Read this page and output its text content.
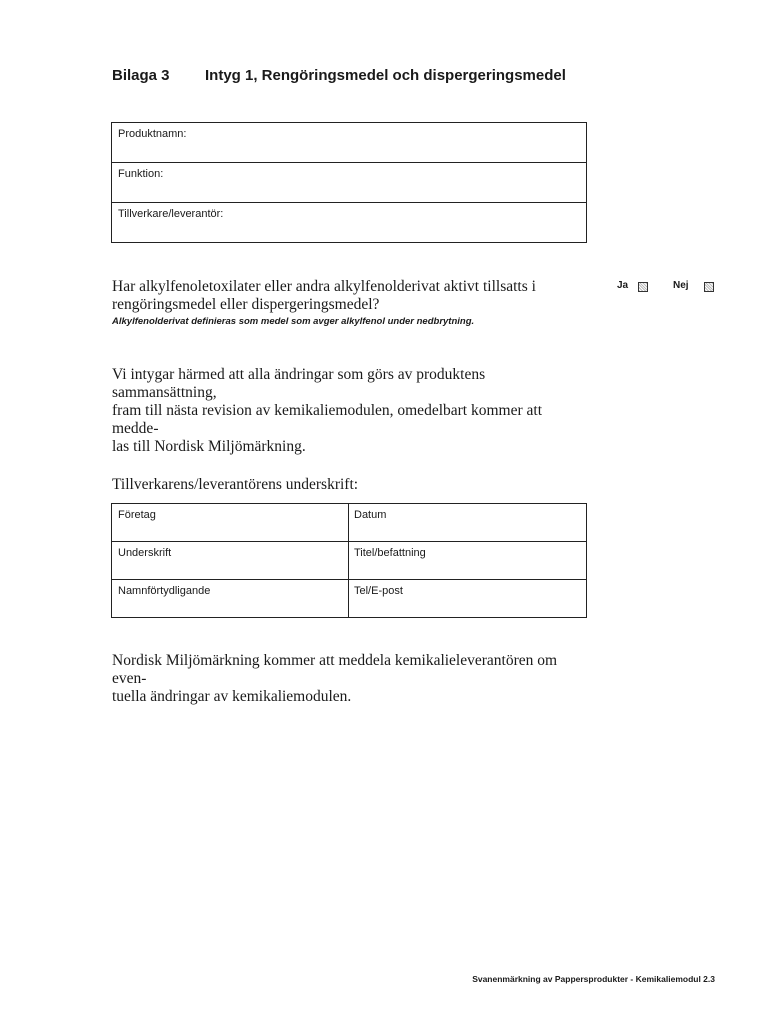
Bilaga 3 Intyg 1, Rengöringsmedel och dispergeringsmedel
Produktnamn:
Funktion:
Tillverkare/leverantör:
Har alkylfenoletoxilater eller andra alkylfenolderivat aktivt tillsatts i
rengöringsmedel eller dispergeringsmedel?
Alkylfenolderivat definieras som medel som avger alkylfenol under nedbrytning.
Ja	Nej
Vi intygar härmed att alla ändringar som görs av produktens sammansättning,
fram till nästa revision av kemikaliemodulen, omedelbart kommer att medde-
las till Nordisk Miljömärkning.
Tillverkarens/leverantörens underskrift:
Företag	Datum
Underskrift	Titel/befattning
Namnförtydligande	Tel/E-post
Nordisk Miljömärkning kommer att meddela kemikalieleverantören om even-
tuella ändringar av kemikaliemodulen.
Svanenmärkning av Pappersprodukter - Kemikaliemodul 2.3
